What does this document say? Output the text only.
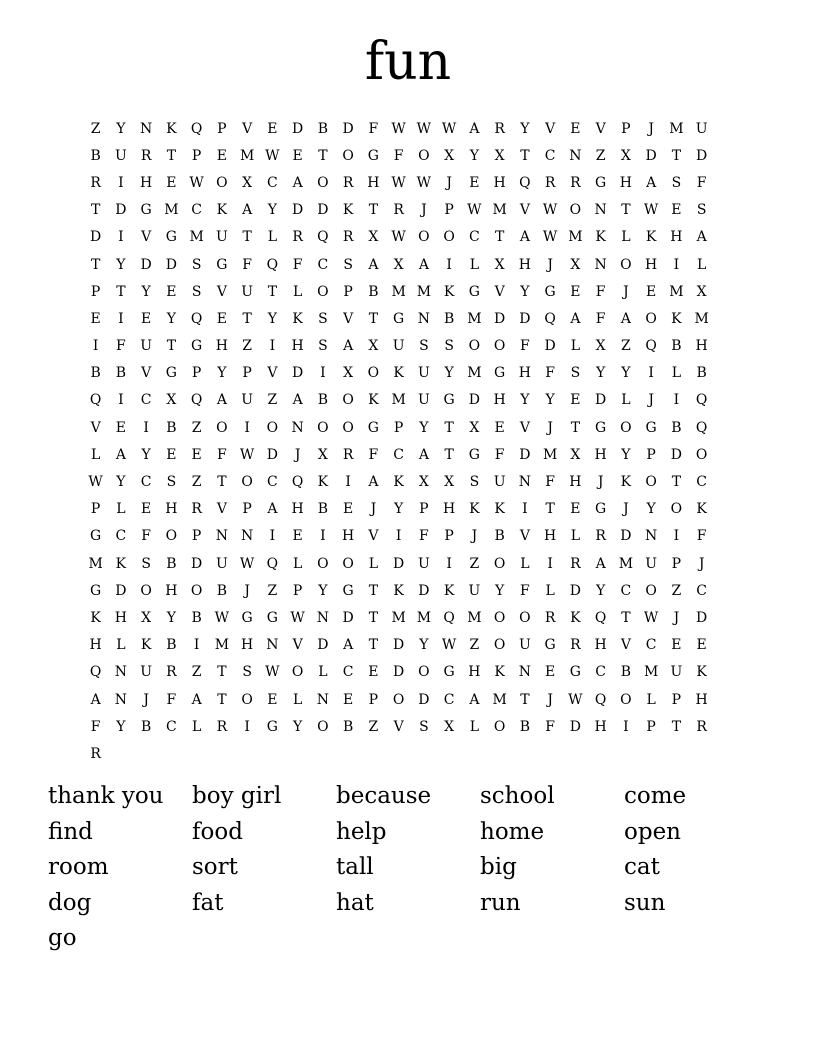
fun
Z	Y	N K	Q	P	V	E	D	B	D	F W W W A	R	Y	V	E	V	P	J	M U
B	U	R	T	P	E M W E	T	O G	F	O	X	Y	X	T	C N	Z	X	D	T	D
R	I	H	E W O	X	C	A	O	R H W W	J	E	H Q	R	R	G H	A	S	F
T	D	G M C	K	A	Y	D	D	K	T	R	J	P W M V W O N	T W E	S
D	I	V	G M U	T	L	R	Q	R	X W O O	C	T	A W M K	L	K H	A
T	Y	D	D	S	G	F	Q	F	C	S	A	X	A	I	L	X	H	J	X	N O H	I	L
P	T	Y	E	S	V	U	T	L	O	P	B M M K	G	V	Y	G	E	F	J	E M X
E	I	E	Y	Q	E	T	Y	K	S	V	T	G N B M D	D Q	A	F	A	O	K M
I	F	U	T	G H	Z	I	H	S	A	X	U	S	S	O O	F	D	L	X	Z	Q	B	H
B	B	V	G	P	Y	P	V	D	I	X	O	K	U	Y M G H	F	S	Y	Y	I	L	B
Q	I	C	X	Q	A	U	Z	A	B	O	K M U G	D H	Y	Y	E	D	L	J	I	Q
V	E	I	B	Z	O	I	O N O O G	P	Y	T	X	E	V	J	T	G O G	B	Q
L	A	Y	E	E	F W D	J	X	R	F	C	A	T	G	F	D M X	H	Y	P	D O
W Y	C	S	Z	T	O	C	Q	K	I	A	K	X	X	S	U N	F	H	J	K	O	T	C
P	L	E	H R	V	P	A	H B	E	J	Y	P	H K	K	I	T	E	G	J	Y	O	K
G	C	F	O	P	N N	I	E	I	H	V	I	F	P	J	B	V	H	L	R	D N	I	F
M K	S	B	D U W Q	L	O O	L	D U	I	Z	O	L	I	R	A M U	P	J
G	D O H O	B	J	Z	P	Y	G	T	K	D	K	U	Y	F	L	D	Y	C	O	Z	C
K H	X	Y	B W G	G W N D	T M M Q M O O	R	K	Q	T W	J	D
H	L	K	B	I	M H N	V	D	A	T	D	Y W Z	O U G	R H	V	C	E	E
Q N U	R	Z	T	S W O	L	C	E	D O G H K N	E	G	C	B M U	K
A	N	J	F	A	T	O	E	L	N	E	P	O D	C	A M T	J	W Q O	L	P	H
F	Y	B	C	L	R	I	G	Y	O	B	Z	V	S	X	L	O	B	F	D H	I	P	T	R
R
thank you	boy girl	because	school	come
find	food	help	home	open
room	sort	tall	big	cat
dog	fat	hat	run	sun
go
